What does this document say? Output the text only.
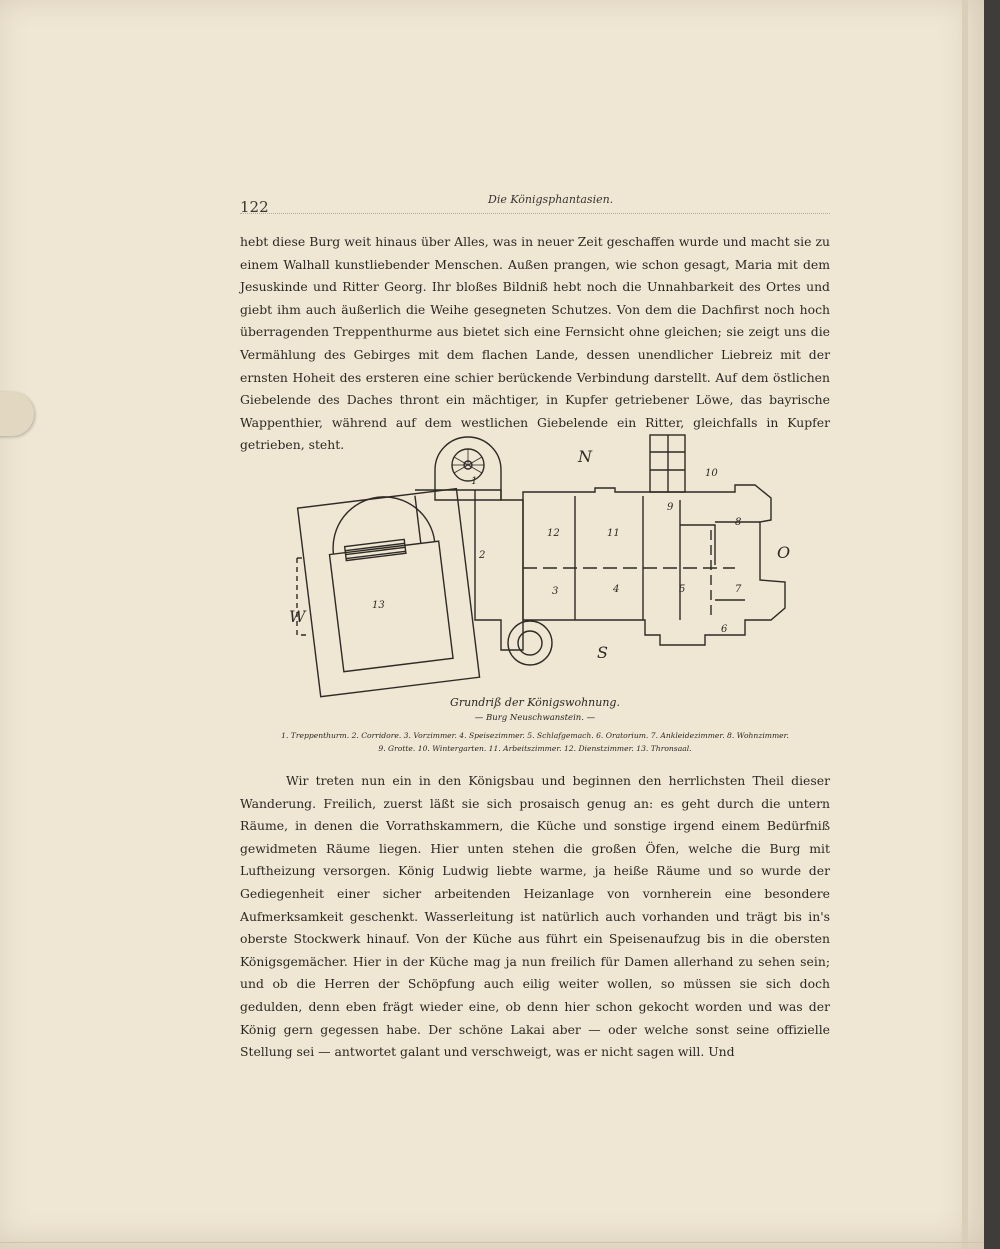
122	Die Königsphantasien.

hebt diese Burg weit hinaus über Alles, was in neuer Zeit geschaffen wurde und macht sie zu einem Walhall kunstliebender Menschen. Außen prangen, wie schon gesagt, Maria mit dem Jesuskinde und Ritter Georg. Ihr bloßes Bildniß hebt noch die Unnahbarkeit des Ortes und giebt ihm auch äußerlich die Weihe gesegneten Schutzes. Von dem die Dachfirst noch hoch überragenden Treppenthurme aus bietet sich eine Fernsicht ohne gleichen; sie zeigt uns die Vermählung des Gebirges mit dem flachen Lande, dessen unendlicher Liebreiz mit der ernsten Hoheit des ersteren eine schier berückende Verbindung darstellt. Auf dem östlichen Giebelende des Daches thront ein mächtiger, in Kupfer getriebener Löwe, das bayrische Wappenthier, während auf dem westlichen Giebelende ein Ritter, gleichfalls in Kupfer getrieben, steht.

N
S
O
W
1
2
3	4	5
6
7
8
9
10
11
12
13

Grundriß der Königswohnung.

— Burg Neuschwanstein. —

1. Treppenthurm. 2. Corridore. 3. Vorzimmer. 4. Speisezimmer. 5. Schlafgemach. 6. Oratorium. 7. Ankleidezimmer. 8. Wohnzimmer.

9. Grotte. 10. Wintergarten. 11. Arbeitszimmer. 12. Dienstzimmer. 13. Thronsaal.

Wir treten nun ein in den Königsbau und beginnen den herrlichsten Theil dieser Wanderung. Freilich, zuerst läßt sie sich prosaisch genug an: es geht durch die untern Räume, in denen die Vorrathskammern, die Küche und sonstige irgend einem Bedürfniß gewidmeten Räume liegen. Hier unten stehen die großen Öfen, welche die Burg mit Luftheizung versorgen. König Ludwig liebte warme, ja heiße Räume und so wurde der Gediegenheit einer sicher arbeitenden Heizanlage von vornherein eine besondere Aufmerksamkeit geschenkt. Wasserleitung ist natürlich auch vorhanden und trägt bis in's oberste Stockwerk hinauf. Von der Küche aus führt ein Speisenaufzug bis in die obersten Königsgemächer. Hier in der Küche mag ja nun freilich für Damen allerhand zu sehen sein; und ob die Herren der Schöpfung auch eilig weiter wollen, so müssen sie sich doch gedulden, denn eben frägt wieder eine, ob denn hier schon gekocht worden und was der König gern gegessen habe. Der schöne Lakai aber — oder welche sonst seine offizielle Stellung sei — antwortet galant und verschweigt, was er nicht sagen will. Und
